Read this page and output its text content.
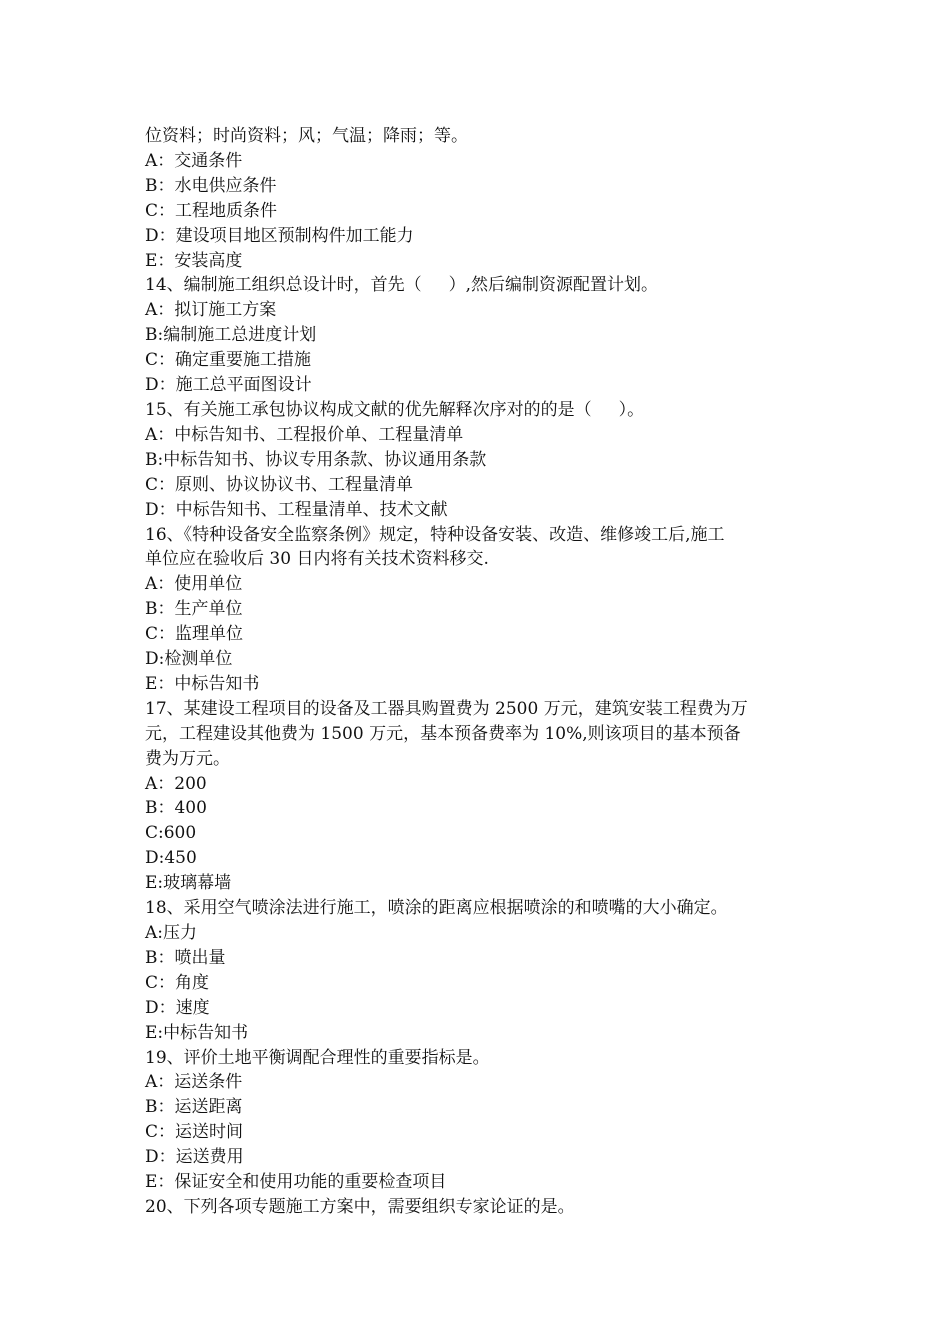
位资料；时尚资料；风；气温；降雨；等。
A：交通条件
B：水电供应条件
C：工程地质条件
D：建设项目地区预制构件加工能力
E：安装高度
14、编制施工组织总设计时，首先（     ）,然后编制资源配置计划。
A：拟订施工方案
B:编制施工总进度计划
C：确定重要施工措施
D：施工总平面图设计
15、有关施工承包协议构成文献的优先解释次序对的的是（     ）。
A：中标告知书、工程报价单、工程量清单
B:中标告知书、协议专用条款、协议通用条款
C：原则、协议协议书、工程量清单
D：中标告知书、工程量清单、技术文献
16、《特种设备安全监察条例》规定，特种设备安装、改造、维修竣工后,施工
单位应在验收后 30 日内将有关技术资料移交.
A：使用单位
B：生产单位
C：监理单位
D:检测单位
E：中标告知书
17、某建设工程项目的设备及工器具购置费为 2500 万元，建筑安装工程费为万
元，工程建设其他费为 1500 万元，基本预备费率为 10%,则该项目的基本预备
费为万元。
A：200
B：400
C:600
D:450
E:玻璃幕墙
18、采用空气喷涂法进行施工，喷涂的距离应根据喷涂的和喷嘴的大小确定。
A:压力
B：喷出量
C：角度
D：速度
E:中标告知书
19、评价土地平衡调配合理性的重要指标是。
A：运送条件
B：运送距离
C：运送时间
D：运送费用
E：保证安全和使用功能的重要检查项目
20、下列各项专题施工方案中，需要组织专家论证的是。
